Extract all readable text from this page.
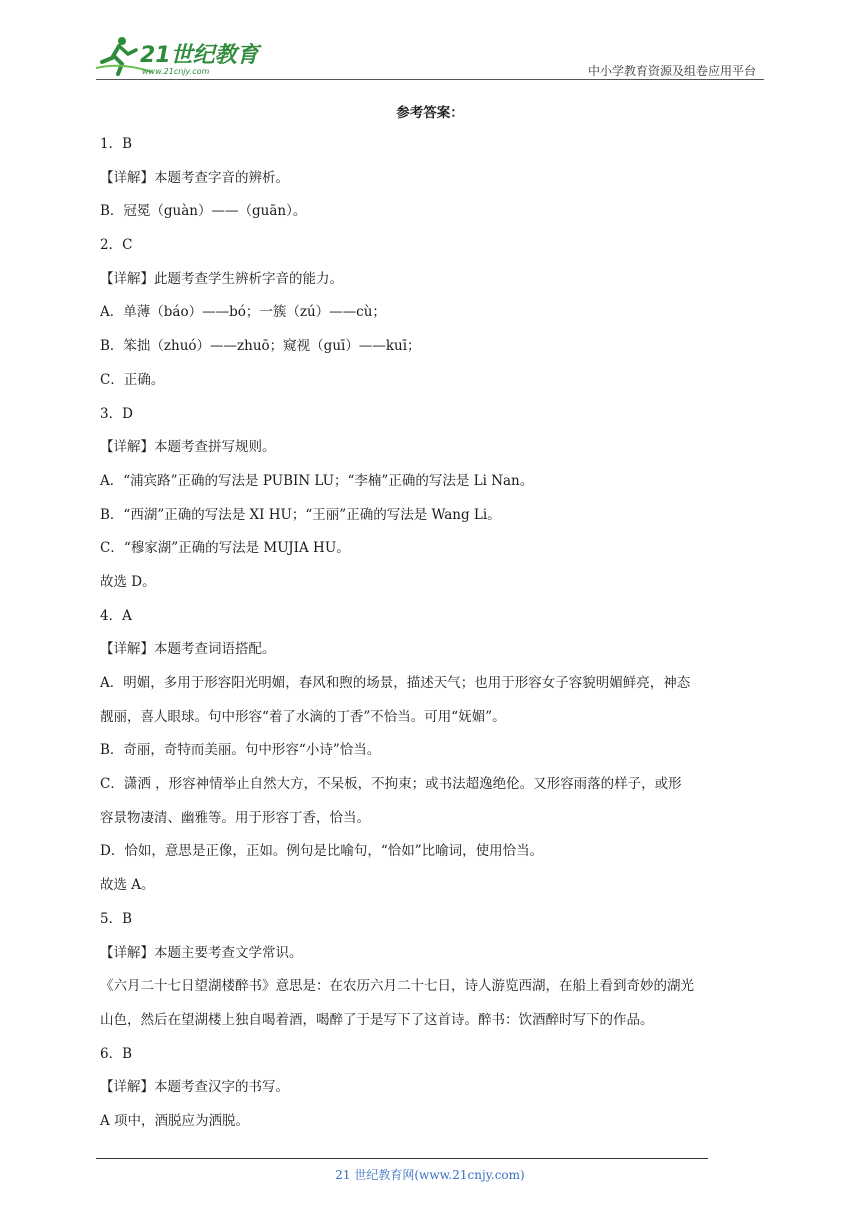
21世纪教育
www.21cnjy.com	中小学教育资源及组卷应用平台
参考答案：
1．B
【详解】本题考查字音的辨析。
B．冠冕（guàn）——（guān）。
2．C
【详解】此题考查学生辨析字音的能力。
A．单薄（báo）——bó；一簇（zú）——cù；
B．笨拙（zhuó）——zhuō；窥视（guī）——kuī；
C．正确。
3．D
【详解】本题考查拼写规则。
A．“浦宾路”正确的写法是 PUBIN LU；“李楠”正确的写法是 Li Nan。
B．“西湖”正确的写法是 XI HU；“王丽”正确的写法是 Wang Li。
C．“穆家湖”正确的写法是 MUJIA HU。
故选 D。
4．A
【详解】本题考查词语搭配。
A．明媚，多用于形容阳光明媚，春风和煦的场景，描述天气；也用于形容女子容貌明媚鲜亮，神态
靓丽，喜人眼球。句中形容“着了水滴的丁香”不恰当。可用“妩媚”。
B．奇丽，奇特而美丽。句中形容“小诗”恰当。
C．潇洒 ，形容神情举止自然大方，不呆板，不拘束；或书法超逸绝伦。又形容雨落的样子，或形
容景物凄清、幽雅等。用于形容丁香，恰当。
D．恰如，意思是正像，正如。例句是比喻句，“恰如”比喻词，使用恰当。
故选 A。
5．B
【详解】本题主要考查文学常识。
《六月二十七日望湖楼醉书》意思是：在农历六月二十七日，诗人游览西湖，在船上看到奇妙的湖光
山色，然后在望湖楼上独自喝着酒，喝醉了于是写下了这首诗。醉书：饮酒醉时写下的作品。
6．B
【详解】本题考查汉字的书写。
A 项中，酒脱应为洒脱。
21 世纪教育网(www.21cnjy.com)
